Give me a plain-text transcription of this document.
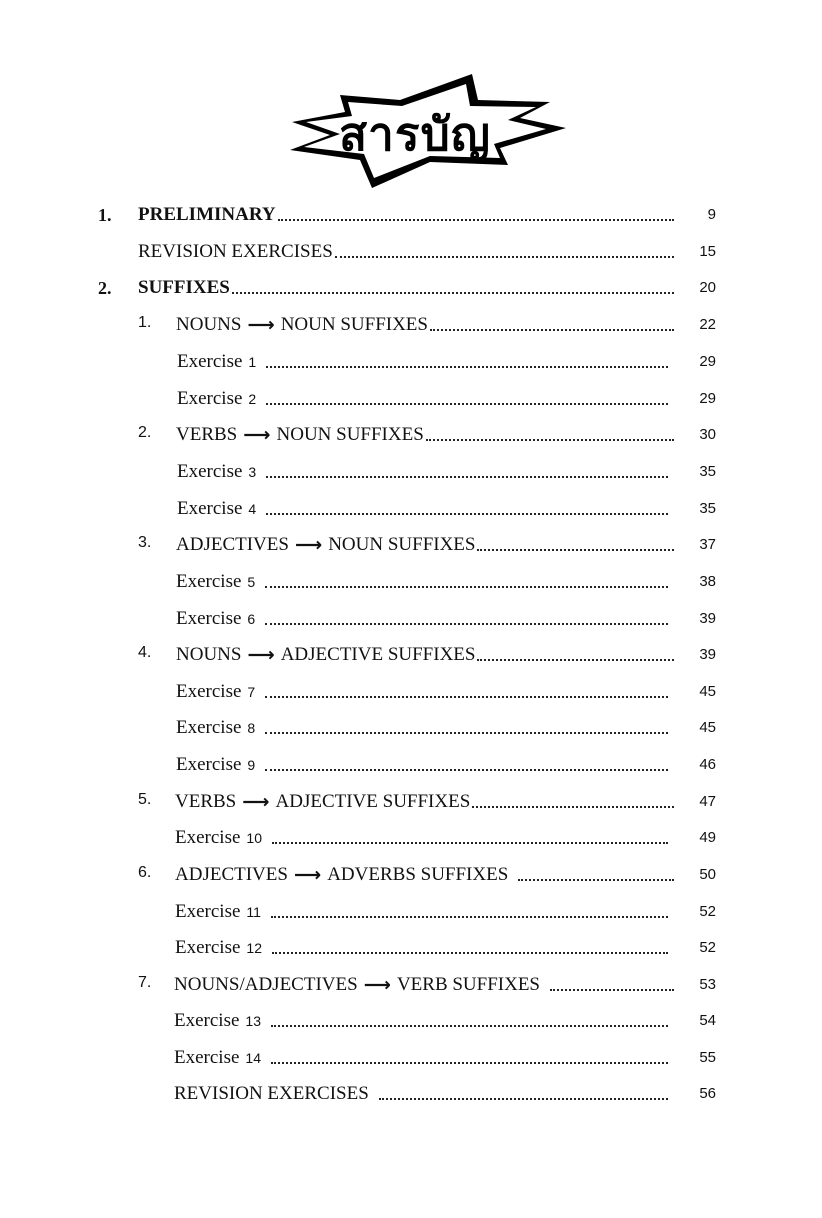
สารบัญ
1. PRELIMINARY	9
REVISION EXERCISES	15
2. SUFFIXES	20
1. NOUNS ⟶ NOUN SUFFIXES	22
Exercise 1	29
Exercise 2	29
2. VERBS ⟶ NOUN SUFFIXES	30
Exercise 3	35
Exercise 4	35
3. ADJECTIVES ⟶ NOUN SUFFIXES	37
Exercise 5	38
Exercise 6	39
4. NOUNS ⟶ ADJECTIVE SUFFIXES	39
Exercise 7	45
Exercise 8	45
Exercise 9	46
5. VERBS ⟶ ADJECTIVE SUFFIXES	47
Exercise 10	49
6. ADJECTIVES ⟶ ADVERBS SUFFIXES	50
Exercise 11	52
Exercise 12	52
7. NOUNS/ADJECTIVES ⟶ VERB SUFFIXES	53
Exercise 13	54
Exercise 14	55
REVISION EXERCISES	56
